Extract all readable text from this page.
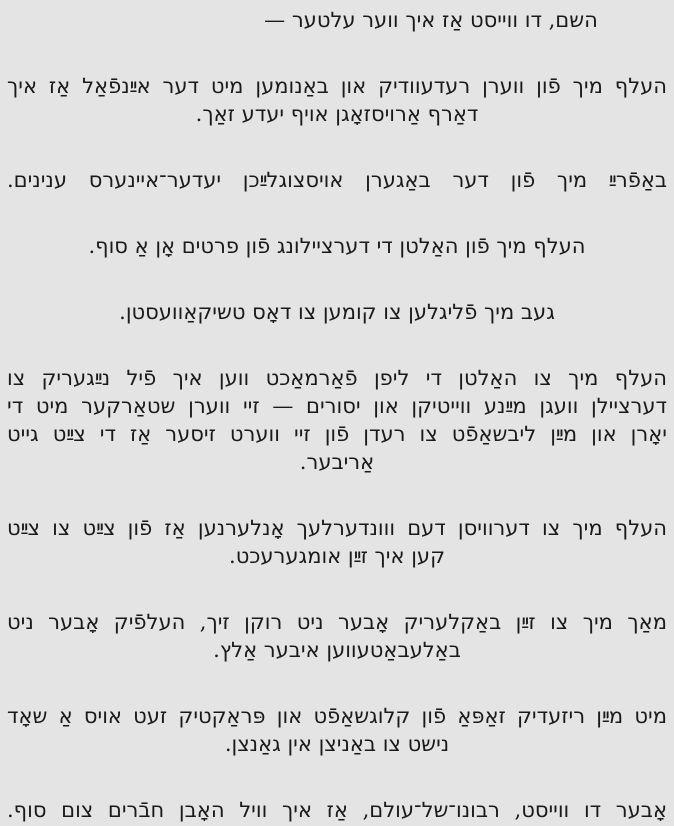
השם, דו ווייסט אַז איך ווער עלטער —

העלף מיך פֿון ווערן רעדעוודיק און באַנומען מיט דער אײַנפֿאַל אַז איך
דאַרף אַרויסזאָגן אויף יעדע זאַך.

באַפֿרײַ מיך פֿון דער באַגערן אויסצוגלײַכן יעדער־איינערס ענינים.

העלף מיך פֿון האַלטן די דערציילונג פֿון פרטים אָן אַ סוף.

געב מיך פֿליגלען צו קומען צו דאָס טשיקאַוועסטן.

העלף מיך צו האַלטן די ליפן פֿאַרמאַכט ווען איך פֿיל נײַגעריק צו
דערציילן וועגן מײַנע ווייטיקן און יסורים — זיי ווערן שטאַרקער מיט די
יאָרן און מײַן ליבשאַפֿט צו רעדן פֿון זיי ווערט זיסער אַז די צײַט גייט
אַריבער.

העלף מיך צו דערוויסן דעם ווונדערלעך אָנלערנען אַז פֿון צײַט צו צײַט
קען איך זײַן אומגערעכט.

מאַך מיך צו זײַן באַקלעריק אָבער ניט רוקן זיך, העלפֿיק אָבער ניט
באַלעבאַטעווען איבער אַלץ.

מיט מײַן ריזעדיק זאַפּאַ פֿון קלוגשאַפֿט און פּראַקטיק זעט אויס אַ שאָד
נישט צו באַניצן אין גאַנצן.

אָבער דו ווייסט, רבונו־של־עולם, אַז איך וויל האָבן חבֿרים צום סוף.
